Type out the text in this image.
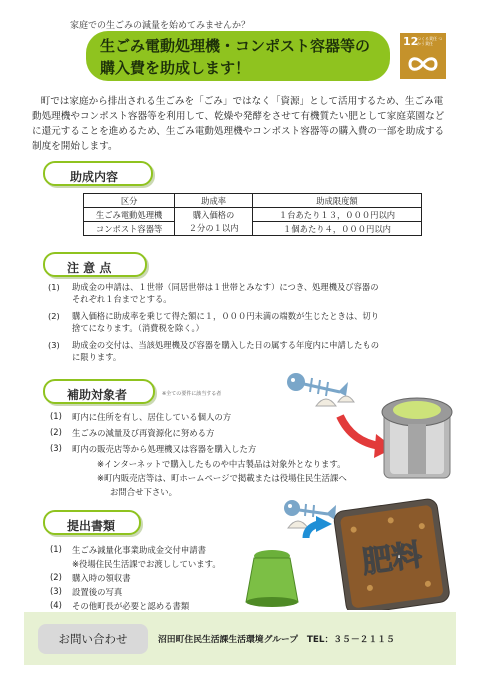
家庭での生ごみの減量を始めてみませんか？
生ごみ電動処理機・コンポスト容器等の
購入費を助成します！
12
つくる責任 つかう責任
町では家庭から排出される生ごみを「ごみ」ではなく「資源」として活用するため、生ごみ電動処理機やコンポスト容器等を利用して、乾燥や発酵をさせて有機質たい肥として家庭菜園などに還元することを進めるため、生ごみ電動処理機やコンポスト容器等の購入費の一部を助成する制度を開始します。
助成内容
区分	助成率	助成限度額
生ごみ電動処理機	購入価格の	１台あたり１３，０００円以内
コンポスト容器等	２分の１以内	１個あたり４，０００円以内
注 意 点
(1) 助成金の申請は、１世帯（同居世帯は１世帯とみなす）につき、処理機及び容器の
それぞれ１台までとする。
(2) 購入価格に助成率を乗じて得た額に１，０００円未満の端数が生じたときは、切り
捨てになります。（消費税を除く。）
(3) 助成金の交付は、当該処理機及び容器を購入した日の属する年度内に申請したもの
に限ります。
補助対象者	※全ての要件に該当する者
(1) 町内に住所を有し、居住している個人の方
(2) 生ごみの減量及び再資源化に努める方
(3) 町内の販売店等から処理機又は容器を購入した方
※インターネットで購入したものや中古製品は対象外となります。
※町内販売店等は、町ホームページで掲載または役場住民生活課へ
お問合せ下さい。
提出書類
(1) 生ごみ減量化事業助成金交付申請書
※役場住民生活課でお渡ししています。
(2) 購入時の領収書
(3) 設置後の写真
(4) その他町長が必要と認める書類
肥料
お問い合わせ	沼田町住民生活課生活環境グループ　TEL：３５－２１１５
